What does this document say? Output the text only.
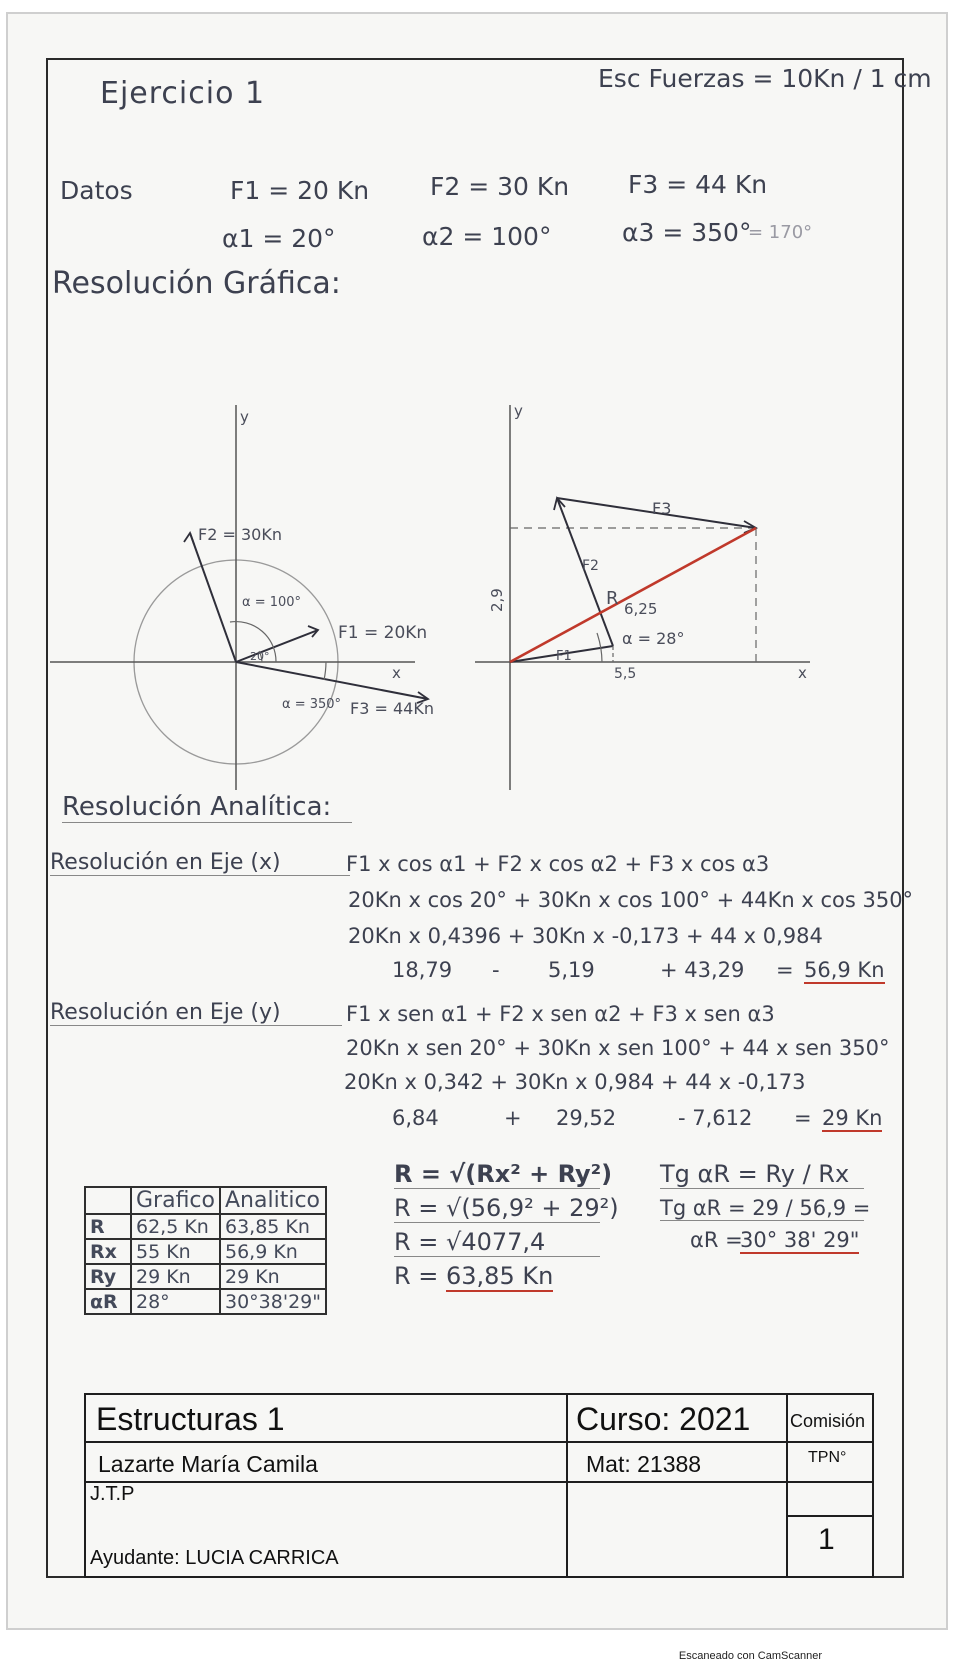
Ejercicio 1	Esc Fuerzas = 10Kn / 1 cm
Datos	F1 = 20 Kn F2 = 30 Kn F3 = 44 Kn
α1 = 20°	α2 = 100°	α3 = 350°
= 170°
Resolución Gráfica:
y
x
F2 = 30Kn
F1 = 20Kn
F3 = 44Kn
α = 100°
20°
α = 350°
y
x
F3
F2
F1
R 6,25
α = 28°
5,5
2,9
Resolución Analítica:
Resolución en Eje (x)	F1 x cos α1 + F2 x cos α2 + F3 x cos α3
20Kn x cos 20° + 30Kn x cos 100° + 44Kn x cos 350°
20Kn x 0,4396 + 30Kn x -0,173 + 44 x 0,984
18,79 - 5,19	+ 43,29 = 56,9 Kn
Resolución en Eje (y)	F1 x sen α1 + F2 x sen α2 + F3 x sen α3
20Kn x sen 20° + 30Kn x sen 100° + 44 x sen 350°
20Kn x 0,342 + 30Kn x 0,984 + 44 x -0,173
6,84	+ 29,52	- 7,612 = 29 Kn
R = √(Rx² + Ry²)
R = √(56,9² + 29²)
R = √4077,4
R = 63,85 Kn
Tg αR = Ry / Rx
Tg αR = 29 / 56,9 =
αR =
30° 38' 29"
	Grafico	Analitico
R	62,5 Kn	63,85 Kn
Rx	55 Kn	56,9 Kn
Ry	29 Kn	29 Kn
αR	28°	30°38'29"
Estructuras 1	Curso: 2021 Comisión
Lazarte María Camila	Mat: 21388	TPN°
J.T.P
Ayudante: LUCIA CARRICA
1
Escaneado con CamScanner
